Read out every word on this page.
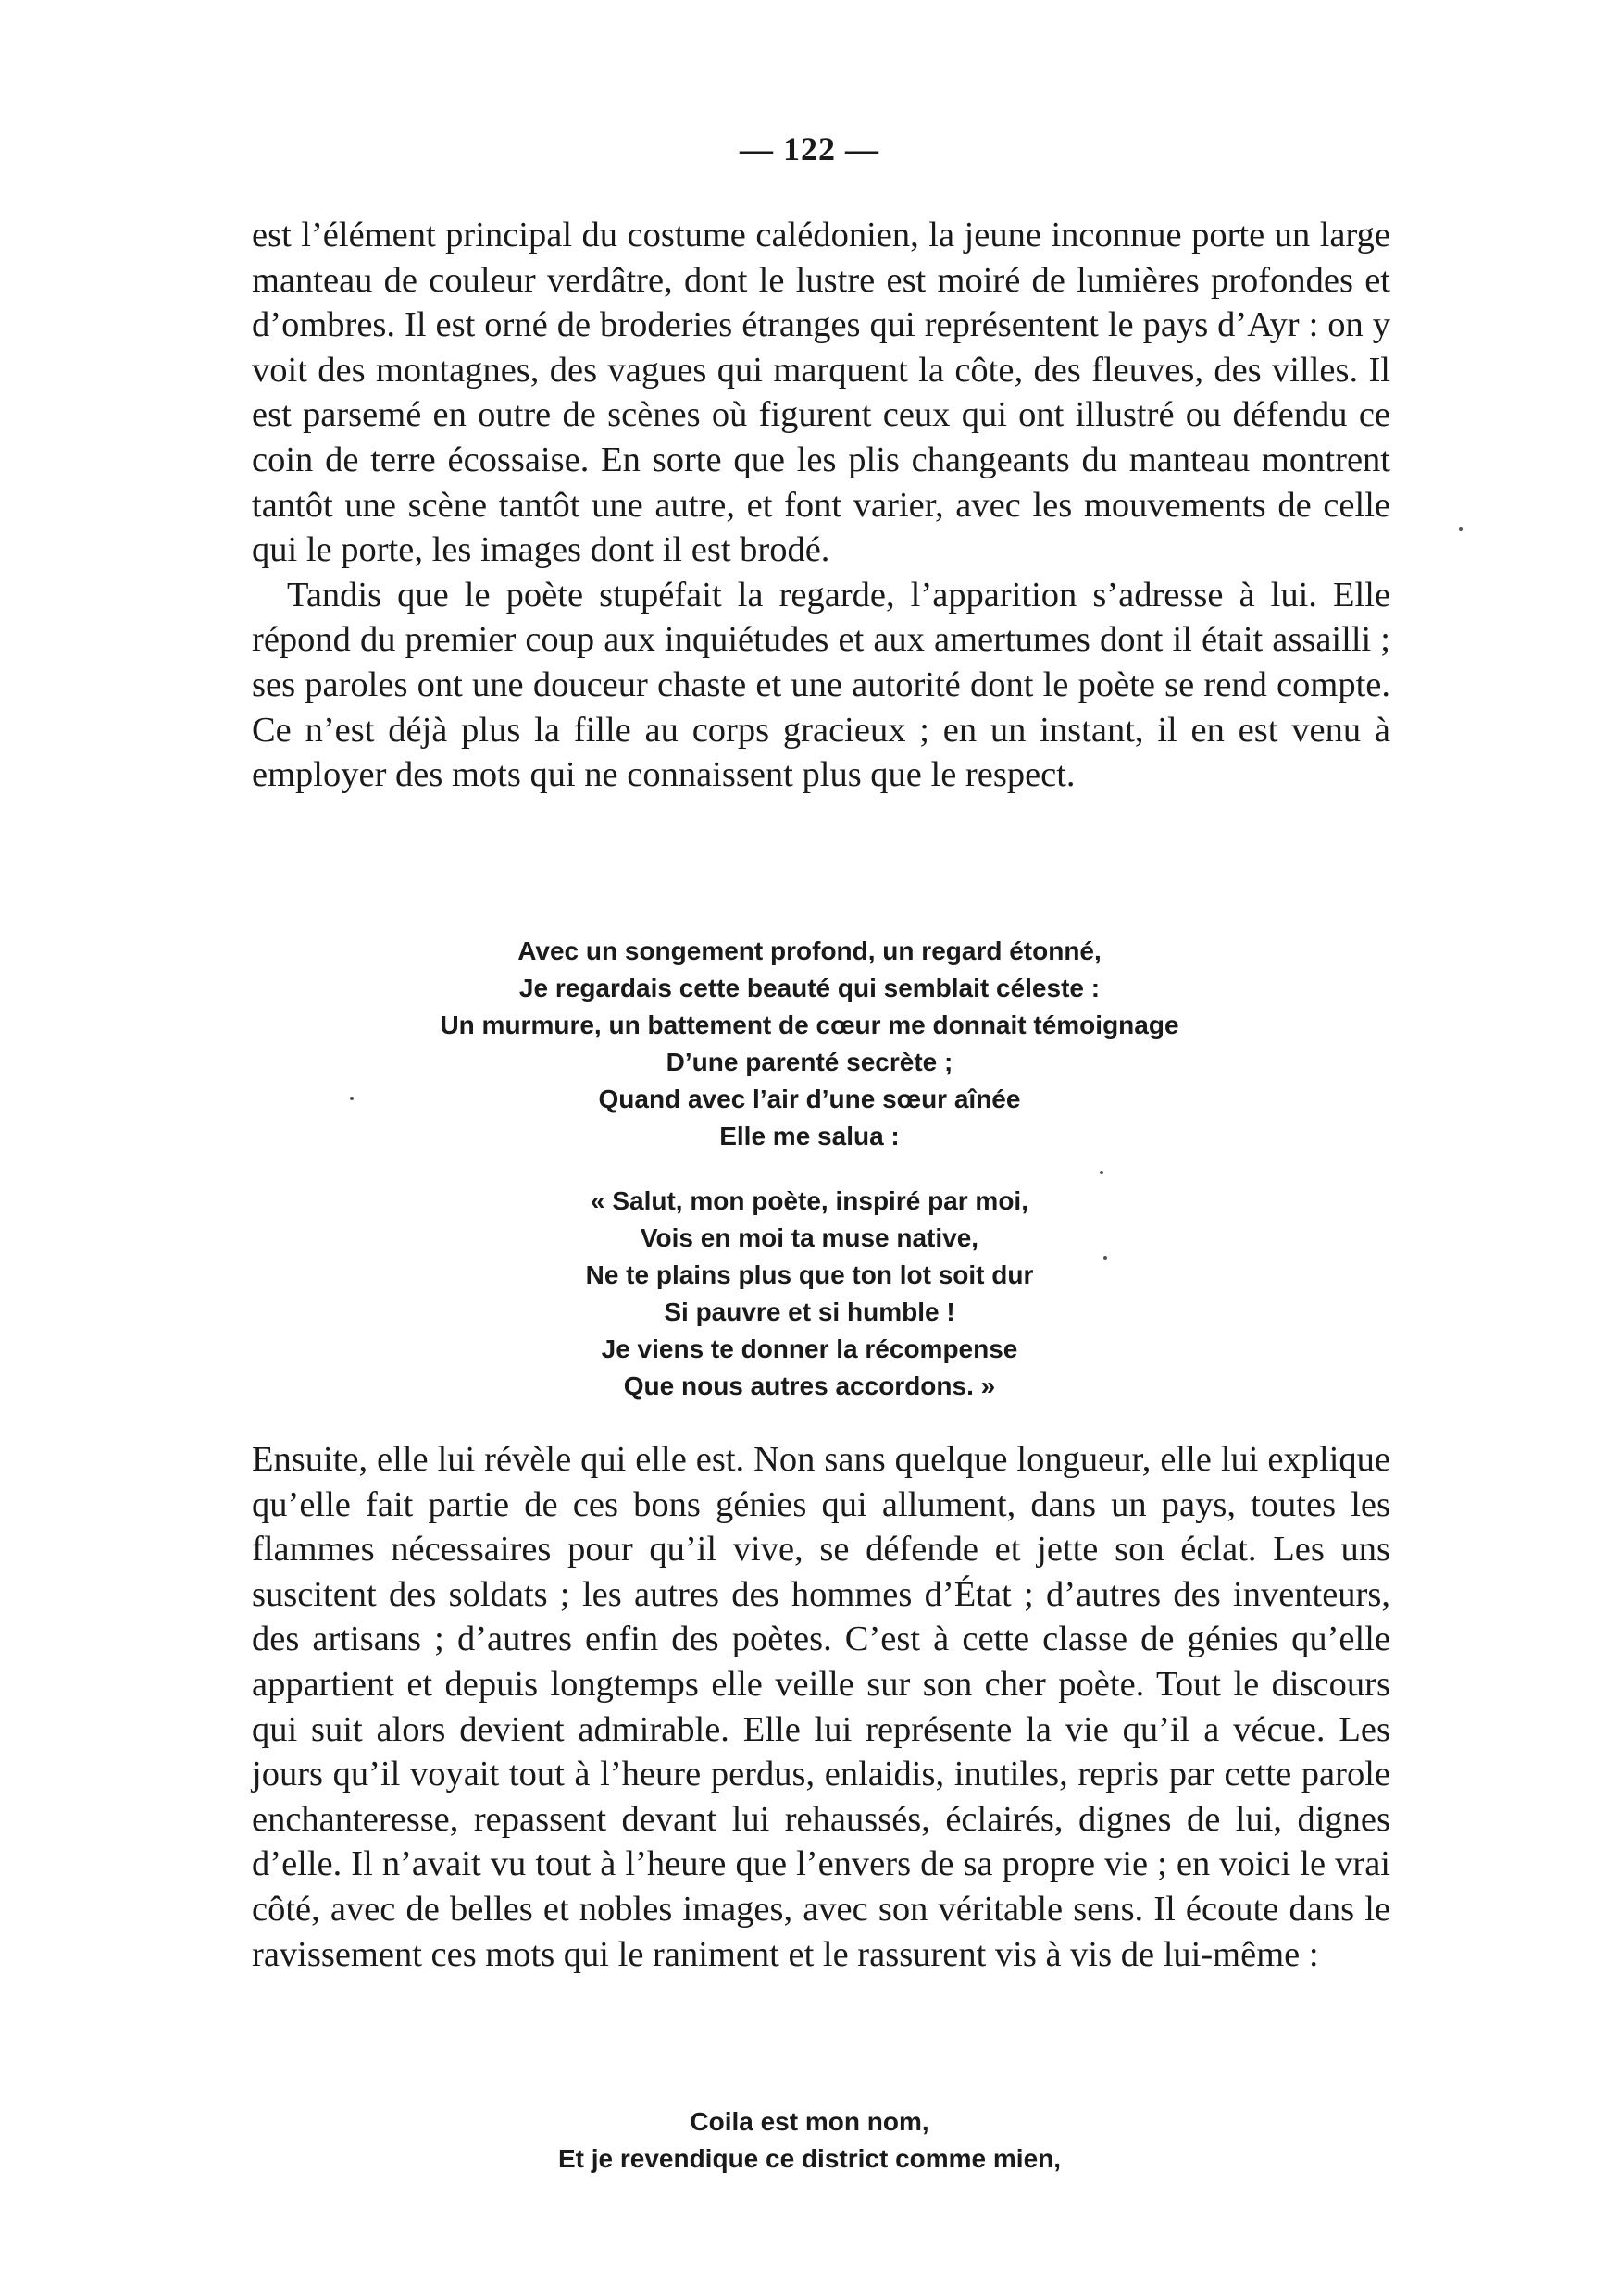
— 122 —

est l’élément principal du costume calédonien, la jeune inconnue porte un large manteau de couleur verdâtre, dont le lustre est moiré de lumières profondes et d’ombres. Il est orné de broderies étranges qui représentent le pays d’Ayr : on y voit des montagnes, des vagues qui marquent la côte, des fleuves, des villes. Il est parsemé en outre de scènes où figurent ceux qui ont illustré ou défendu ce coin de terre écossaise. En sorte que les plis changeants du manteau montrent tantôt une scène tantôt une autre, et font varier, avec les mouvements de celle qui le porte, les images dont il est brodé.

Tandis que le poète stupéfait la regarde, l’apparition s’adresse à lui. Elle répond du premier coup aux inquiétudes et aux amertumes dont il était assailli ; ses paroles ont une douceur chaste et une autorité dont le poète se rend compte. Ce n’est déjà plus la fille au corps gracieux ; en un instant, il en est venu à employer des mots qui ne connaissent plus que le respect.

Avec un songement profond, un regard étonné,
Je regardais cette beauté qui semblait céleste :
Un murmure, un battement de cœur me donnait témoignage
D’une parenté secrète ;
Quand avec l’air d’une sœur aînée
Elle me salua :
« Salut, mon poète, inspiré par moi,
Vois en moi ta muse native,
Ne te plains plus que ton lot soit dur
Si pauvre et si humble !
Je viens te donner la récompense
Que nous autres accordons. »

Ensuite, elle lui révèle qui elle est. Non sans quelque longueur, elle lui explique qu’elle fait partie de ces bons génies qui allument, dans un pays, toutes les flammes nécessaires pour qu’il vive, se défende et jette son éclat. Les uns suscitent des soldats ; les autres des hommes d’État ; d’autres des inventeurs, des artisans ; d’autres enfin des poètes. C’est à cette classe de génies qu’elle appartient et depuis longtemps elle veille sur son cher poète. Tout le discours qui suit alors devient admirable. Elle lui représente la vie qu’il a vécue. Les jours qu’il voyait tout à l’heure perdus, enlaidis, inutiles, repris par cette parole enchanteresse, repassent devant lui rehaussés, éclairés, dignes de lui, dignes d’elle. Il n’avait vu tout à l’heure que l’envers de sa propre vie ; en voici le vrai côté, avec de belles et nobles images, avec son véritable sens. Il écoute dans le ravissement ces mots qui le raniment et le rassurent vis à vis de lui-même :

Coila est mon nom,
Et je revendique ce district comme mien,
